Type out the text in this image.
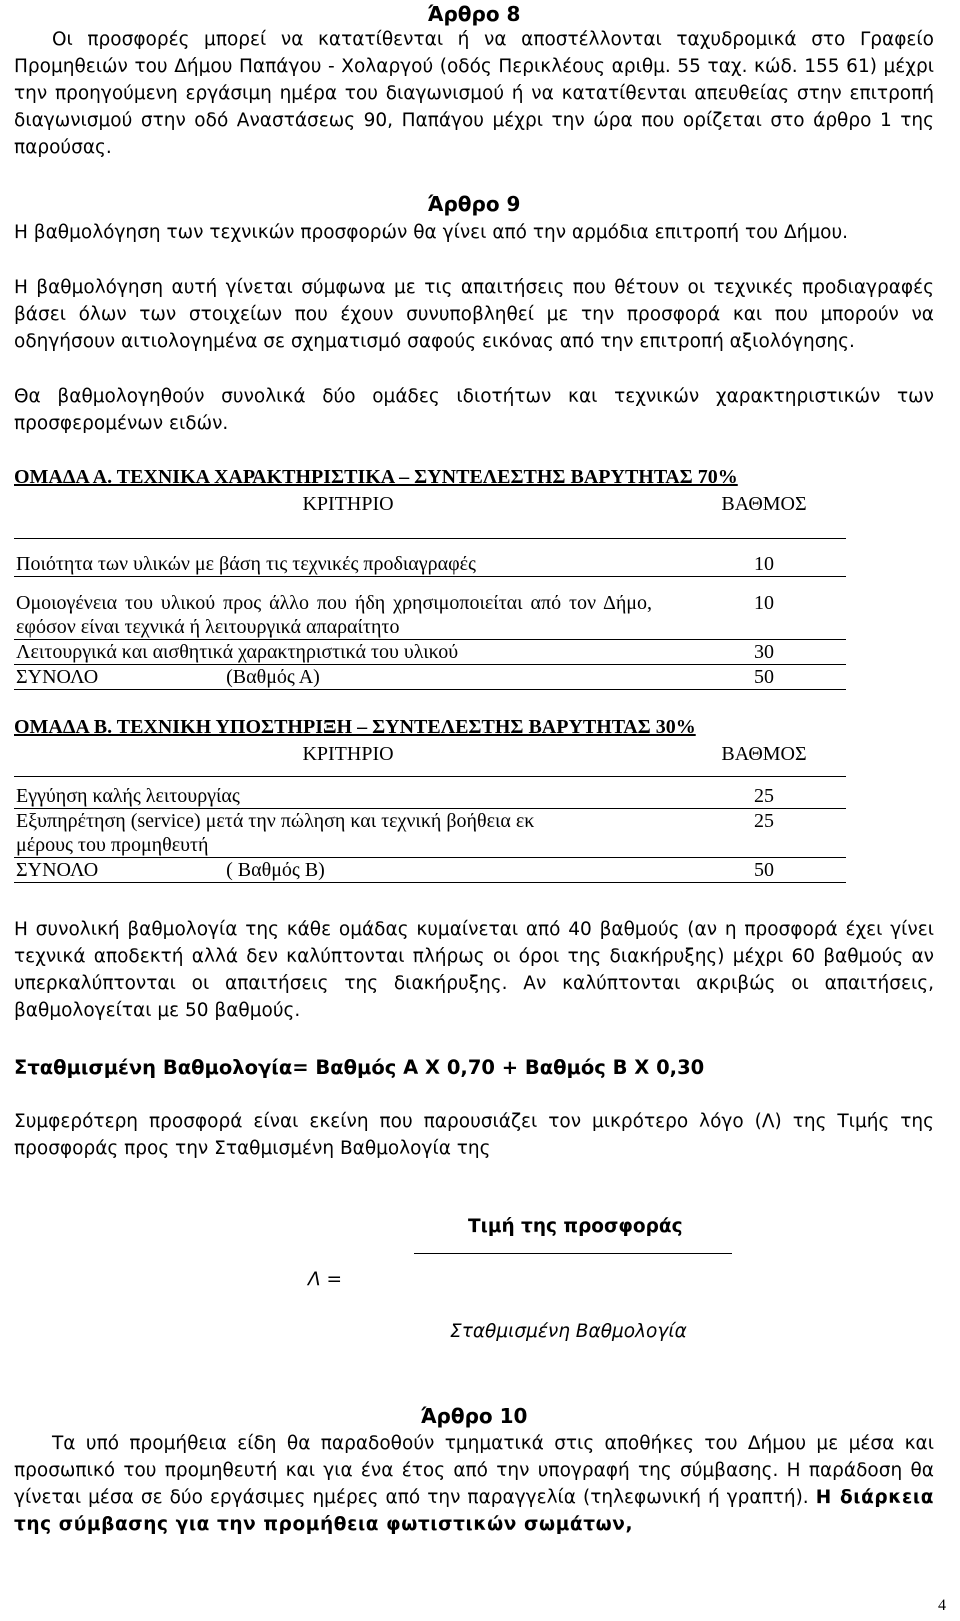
Άρθρο 8

Οι προσφορές μπορεί να κατατίθενται ή να αποστέλλονται ταχυδρομικά στο Γραφείο Προμηθειών του Δήμου Παπάγου - Χολαργού (οδός Περικλέους αριθμ. 55 ταχ. κώδ. 155 61) μέχρι την προηγούμενη εργάσιμη ημέρα του διαγωνισμού ή να κατατίθενται απευθείας στην επιτροπή διαγωνισμού στην οδό Αναστάσεως 90, Παπάγου μέχρι την ώρα που ορίζεται στο άρθρο 1 της παρούσας.

Άρθρο 9

Η βαθμολόγηση των τεχνικών προσφορών θα γίνει από την αρμόδια επιτροπή του Δήμου.

Η βαθμολόγηση αυτή γίνεται σύμφωνα με τις απαιτήσεις που θέτουν οι τεχνικές προδιαγραφές βάσει όλων των στοιχείων που έχουν συνυποβληθεί με την προσφορά και που μπορούν να οδηγήσουν αιτιολογημένα σε σχηματισμό σαφούς εικόνας από την επιτροπή αξιολόγησης.

Θα βαθμολογηθούν συνολικά δύο ομάδες ιδιοτήτων και τεχνικών χαρακτηριστικών των προσφερομένων ειδών.

ΟΜΑΔΑ Α. ΤΕΧΝΙΚΑ ΧΑΡΑΚΤΗΡΙΣΤΙΚΑ – ΣΥΝΤΕΛΕΣΤΗΣ ΒΑΡΥΤΗΤΑΣ 70%
ΚΡΙΤΗΡΙΟ	ΒΑΘΜΟΣ

Ποιότητα των υλικών με βάση τις τεχνικές προδιαγραφές	10

Ομοιογένεια του υλικού προς άλλο που ήδη χρησιμοποιείται από τον Δήμο, εφόσον είναι τεχνικά ή λειτουργικά απαραίτητο	10
Λειτουργικά και αισθητικά χαρακτηριστικά του υλικού	30
ΣΥΝΟΛΟ (Βαθμός Α)	50
ΟΜΑΔΑ Β. ΤΕΧΝΙΚΗ ΥΠΟΣΤΗΡΙΞΗ – ΣΥΝΤΕΛΕΣΤΗΣ ΒΑΡΥΤΗΤΑΣ 30%
ΚΡΙΤΗΡΙΟ	ΒΑΘΜΟΣ

Εγγύηση καλής λειτουργίας	25
Εξυπηρέτηση (service) μετά την πώληση και τεχνική βοήθεια εκ μέρους του προμηθευτή	25
ΣΥΝΟΛΟ ( Βαθμός Β)	50

Η συνολική βαθμολογία της κάθε ομάδας κυμαίνεται από 40 βαθμούς (αν η προσφορά έχει γίνει τεχνικά αποδεκτή αλλά δεν καλύπτονται πλήρως οι όροι της διακήρυξης) μέχρι 60 βαθμούς αν υπερκαλύπτονται οι απαιτήσεις της διακήρυξης. Αν καλύπτονται ακριβώς οι απαιτήσεις, βαθμολογείται με 50 βαθμούς.

Σταθμισμένη Βαθμολογία= Βαθμός Α Χ 0,70 + Βαθμός Β Χ 0,30

Συμφερότερη προσφορά είναι εκείνη που παρουσιάζει τον μικρότερο λόγο (Λ) της Τιμής της προσφοράς προς την Σταθμισμένη Βαθμολογία της

Λ =
Τιμή της προσφοράς
Σταθμισμένη Βαθμολογία
Άρθρο 10

Τα υπό προμήθεια είδη θα παραδοθούν τμηματικά στις αποθήκες του Δήμου με μέσα και προσωπικό του προμηθευτή και για ένα έτος από την υπογραφή της σύμβασης. Η παράδοση θα γίνεται μέσα σε δύο εργάσιμες ημέρες από την παραγγελία (τηλεφωνική ή γραπτή). Η διάρκεια της σύμβασης για την προμήθεια φωτιστικών σωμάτων,

4
